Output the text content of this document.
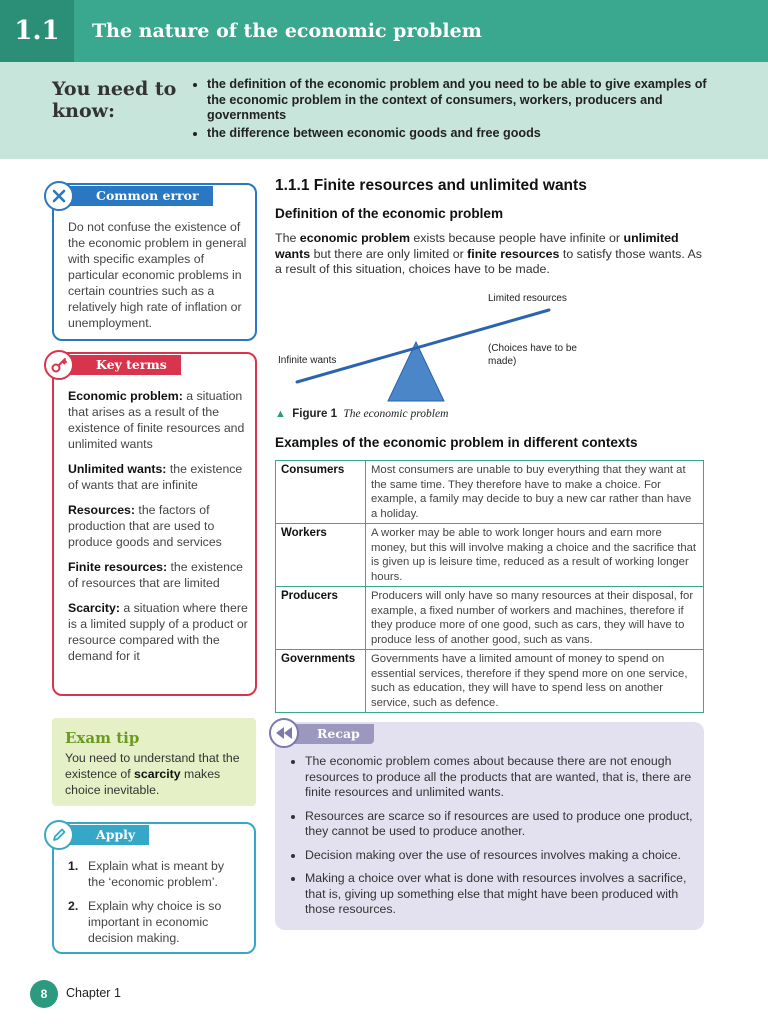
1.1	The nature of the economic problem
You need to know:
• the definition of the economic problem and you need to be able to give examples of the economic problem in the context of consumers, workers, producers and governments
• the difference between economic goods and free goods
Common error
Do not confuse the existence of the economic problem in general with specific examples of particular economic problems in certain countries such as a relatively high rate of inflation or unemployment.
Key terms
Economic problem: a situation that arises as a result of the existence of finite resources and unlimited wants
Unlimited wants: the existence of wants that are infinite
Resources: the factors of production that are used to produce goods and services
Finite resources: the existence of resources that are limited
Scarcity: a situation where there is a limited supply of a product or resource compared with the demand for it
Exam tip
You need to understand that the existence of scarcity makes choice inevitable.
Apply
1. Explain what is meant by the ‘economic problem’.
2. Explain why choice is so important in economic decision making.
1.1.1 Finite resources and unlimited wants
Definition of the economic problem
The economic problem exists because people have infinite or unlimited wants but there are only limited or finite resources to satisfy those wants. As a result of this situation, choices have to be made.
Limited resources
Infinite wants
(Choices have to be made)
▲ Figure 1 The economic problem
Examples of the economic problem in different contexts
Consumers	Most consumers are unable to buy everything that they want at the same time. They therefore have to make a choice. For example, a family may decide to buy a new car rather than have a holiday.
Workers	A worker may be able to work longer hours and earn more money, but this will involve making a choice and the sacrifice that is given up is leisure time, reduced as a result of working longer hours.
Producers	Producers will only have so many resources at their disposal, for example, a fixed number of workers and machines, therefore if they produce more of one good, such as cars, they will have to produce less of another good, such as vans.
Governments	Governments have a limited amount of money to spend on essential services, therefore if they spend more on one service, such as education, they will have to spend less on another service, such as defence.
Recap
• The economic problem comes about because there are not enough resources to produce all the products that are wanted, that is, there are finite resources and unlimited wants.
• Resources are scarce so if resources are used to produce one product, they cannot be used to produce another.
• Decision making over the use of resources involves making a choice.
• Making a choice over what is done with resources involves a sacrifice, that is, giving up something else that might have been produced with those resources.
8	Chapter 1
